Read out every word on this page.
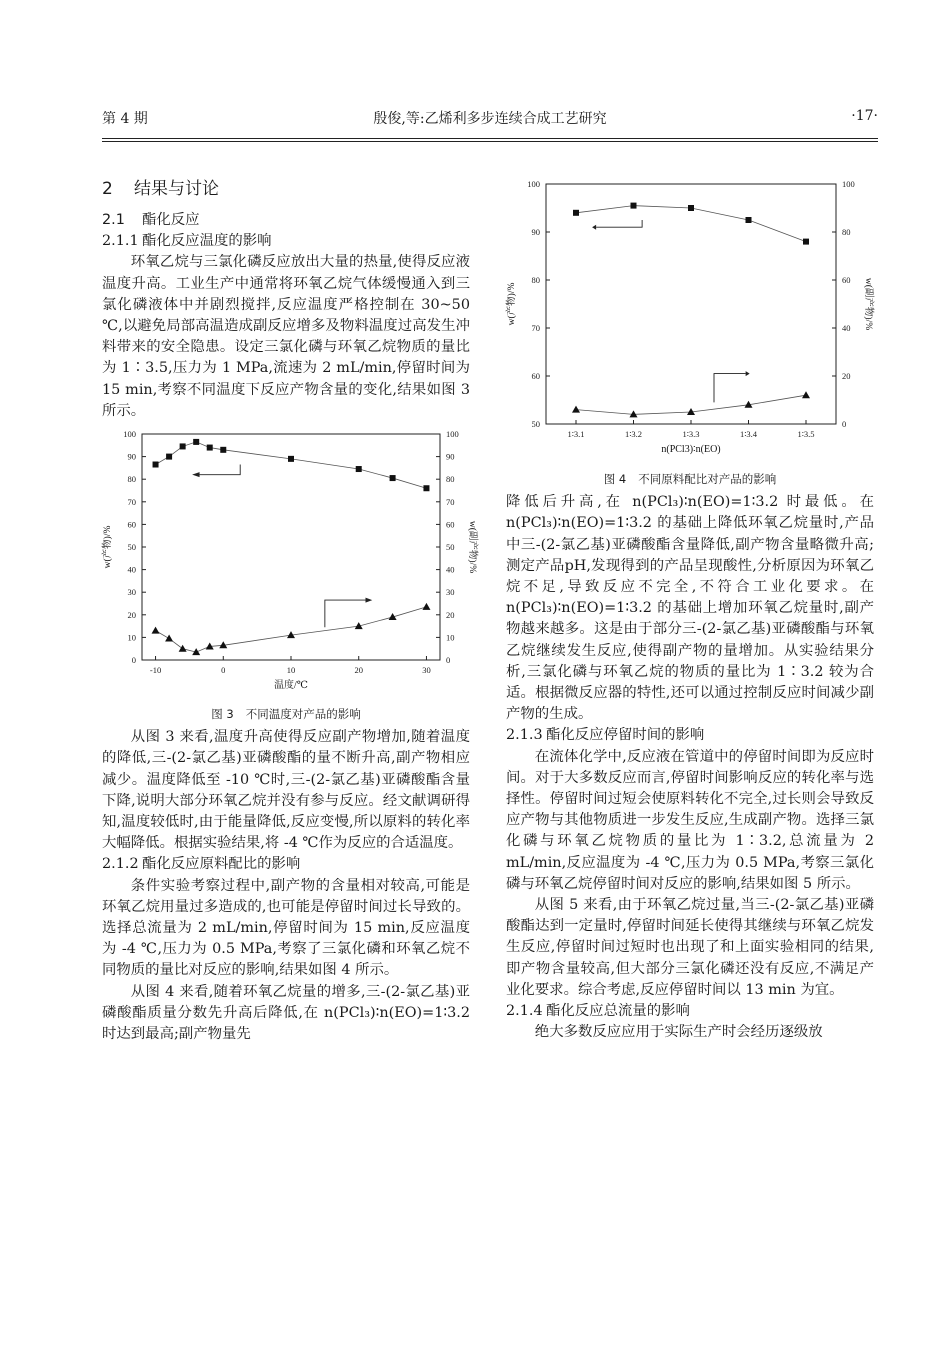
第 4 期	殷俊,等:乙烯利多步连续合成工艺研究	·17·
2 结果与讨论
2.1 酯化反应
2.1.1 酯化反应温度的影响

环氧乙烷与三氯化磷反应放出大量的热量,使得反应液温度升高。工业生产中通常将环氧乙烷气体缓慢通入到三氯化磷液体中并剧烈搅拌,反应温度严格控制在 30~50 ℃,以避免局部高温造成副反应增多及物料温度过高发生冲料带来的安全隐患。设定三氯化磷与环氧乙烷物质的量比为 1∶3.5,压力为 1 MPa,流速为 2 mL/min,停留时间为 15 min,考察不同温度下反应产物含量的变化,结果如图 3 所示。

-10	0	10	20	30
0
10
20
30
40
50
60
70
80
90
100
0
10
20
30
40
50
60
70
80
90
100
温度/℃
w(产物)/%	w(副产物)/%
图 3 不同温度对产品的影响

从图 3 来看,温度升高使得反应副产物增加,随着温度的降低,三-(2-氯乙基)亚磷酸酯的量不断升高,副产物相应减少。温度降低至 -10 ℃时,三-(2-氯乙基)亚磷酸酯含量下降,说明大部分环氧乙烷并没有参与反应。经文献调研得知,温度较低时,由于能量降低,反应变慢,所以原料的转化率大幅降低。根据实验结果,将 -4 ℃作为反应的合适温度。

2.1.2 酯化反应原料配比的影响

条件实验考察过程中,副产物的含量相对较高,可能是环氧乙烷用量过多造成的,也可能是停留时间过长导致的。选择总流量为 2 mL/min,停留时间为 15 min,反应温度为 -4 ℃,压力为 0.5 MPa,考察了三氯化磷和环氧乙烷不同物质的量比对反应的影响,结果如图 4 所示。

从图 4 来看,随着环氧乙烷量的增多,三-(2-氯乙基)亚磷酸酯质量分数先升高后降低,在 n(PCl₃)∶n(EO)=1∶3.2 时达到最高;副产物量先

1∶3.1	1∶3.2	1∶3.3	1∶3.4	1∶3.5
50
60
70
80
90
100
0
20
40
60
80
100
n(PCl3)∶n(EO)
w(产物)/%	w(副产物)/%
图 4 不同原料配比对产品的影响

降低后升高,在 n(PCl₃)∶n(EO)=1∶3.2 时最低。在 n(PCl₃)∶n(EO)=1∶3.2 的基础上降低环氧乙烷量时,产品中三-(2-氯乙基)亚磷酸酯含量降低,副产物含量略微升高;测定产品pH,发现得到的产品呈现酸性,分析原因为环氧乙烷不足,导致反应不完全,不符合工业化要求。在 n(PCl₃)∶n(EO)=1∶3.2 的基础上增加环氧乙烷量时,副产物越来越多。这是由于部分三-(2-氯乙基)亚磷酸酯与环氧乙烷继续发生反应,使得副产物的量增加。从实验结果分析,三氯化磷与环氧乙烷的物质的量比为 1∶3.2 较为合适。根据微反应器的特性,还可以通过控制反应时间减少副产物的生成。

2.1.3 酯化反应停留时间的影响

在流体化学中,反应液在管道中的停留时间即为反应时间。对于大多数反应而言,停留时间影响反应的转化率与选择性。停留时间过短会使原料转化不完全,过长则会导致反应产物与其他物质进一步发生反应,生成副产物。选择三氯化磷与环氧乙烷物质的量比为 1∶3.2,总流量为 2 mL/min,反应温度为 -4 ℃,压力为 0.5 MPa,考察三氯化磷与环氧乙烷停留时间对反应的影响,结果如图 5 所示。

从图 5 来看,由于环氧乙烷过量,当三-(2-氯乙基)亚磷酸酯达到一定量时,停留时间延长使得其继续与环氧乙烷发生反应,停留时间过短时也出现了和上面实验相同的结果,即产物含量较高,但大部分三氯化磷还没有反应,不满足产业化要求。综合考虑,反应停留时间以 13 min 为宜。

2.1.4 酯化反应总流量的影响

绝大多数反应应用于实际生产时会经历逐级放
